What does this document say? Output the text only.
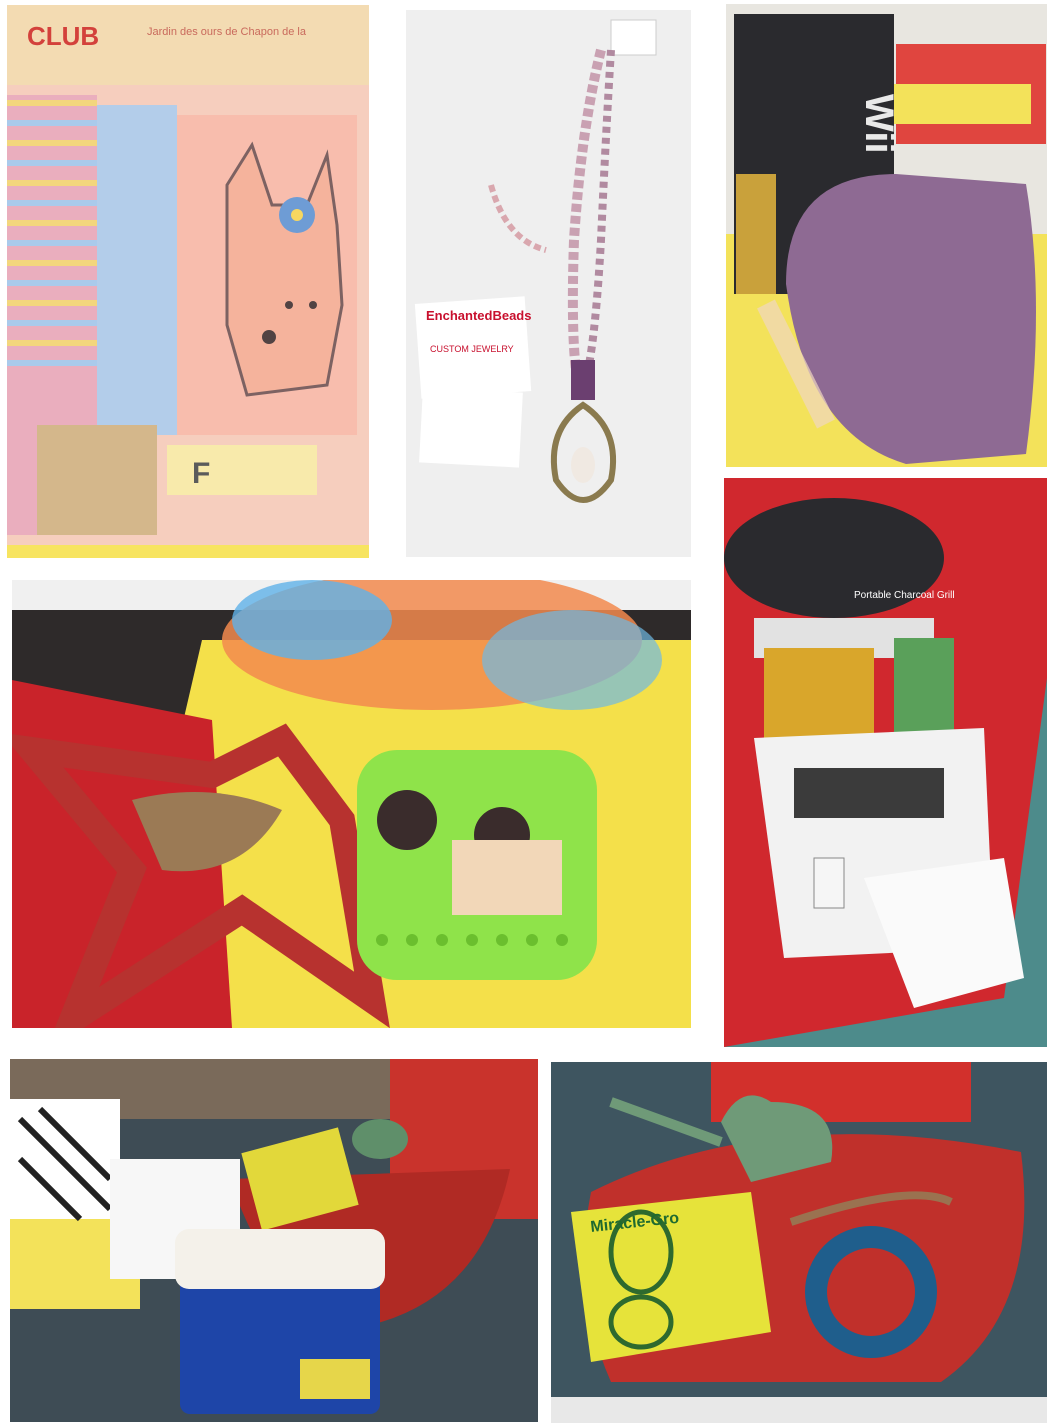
CLUB	Jardin des ours de Chapon de la
F
EnchantedBeads
CUSTOM JEWELRY
Wii
Portable Charcoal Grill
Miracle-Gro
